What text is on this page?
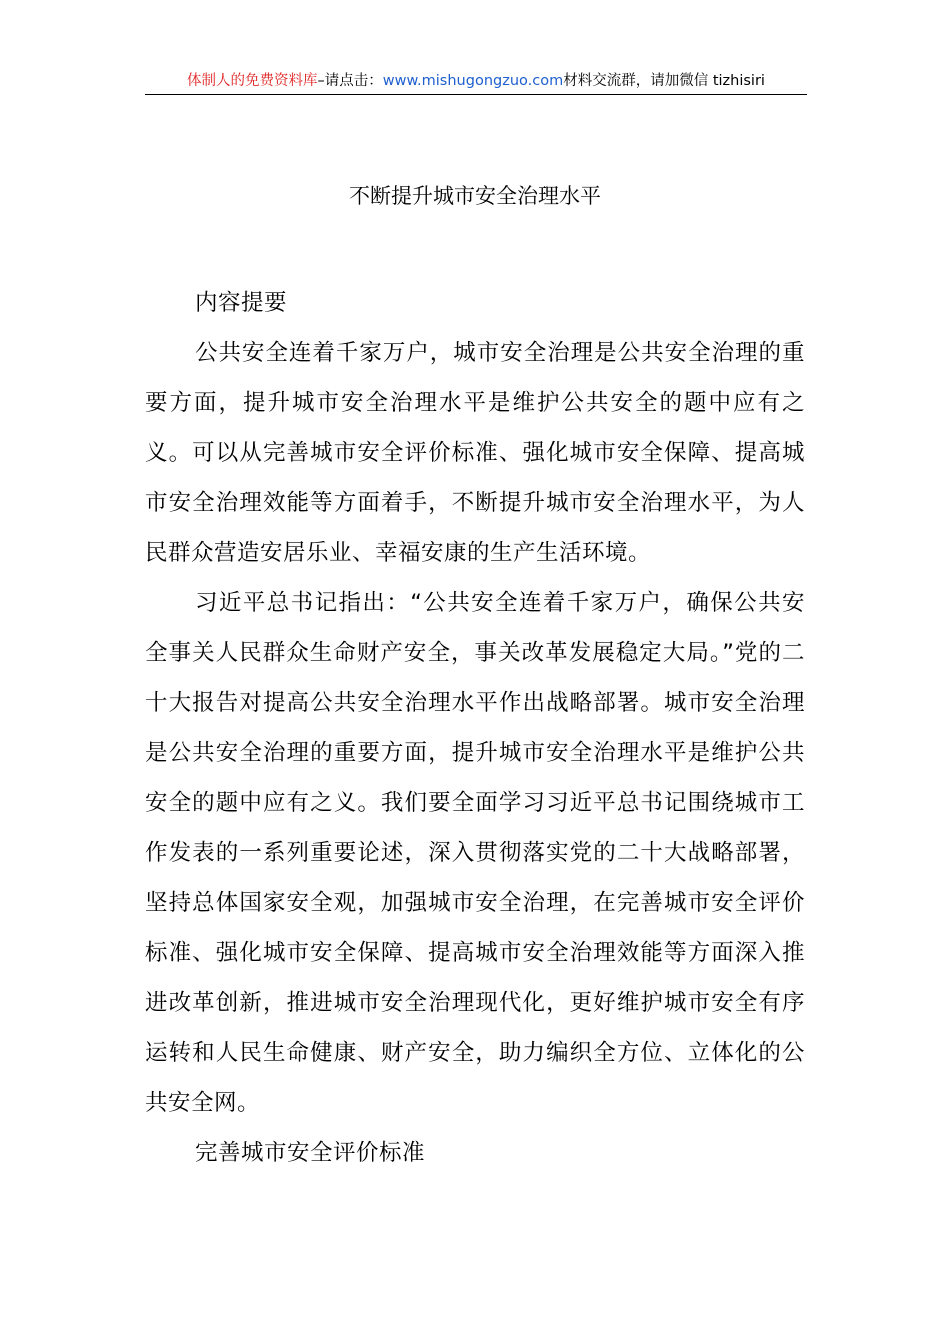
体制人的免费资料库–请点击：www.mishugongzuo.com材料交流群，请加微信 tizhisiri
不断提升城市安全治理水平

内容提要

公共安全连着千家万户，城市安全治理是公共安全治理的重要方面，提升城市安全治理水平是维护公共安全的题中应有之义。可以从完善城市安全评价标准、强化城市安全保障、提高城市安全治理效能等方面着手，不断提升城市安全治理水平，为人民群众营造安居乐业、幸福安康的生产生活环境。

习近平总书记指出：“公共安全连着千家万户，确保公共安全事关人民群众生命财产安全，事关改革发展稳定大局。”党的二十大报告对提高公共安全治理水平作出战略部署。城市安全治理是公共安全治理的重要方面，提升城市安全治理水平是维护公共安全的题中应有之义。我们要全面学习习近平总书记围绕城市工作发表的一系列重要论述，深入贯彻落实党的二十大战略部署，坚持总体国家安全观，加强城市安全治理，在完善城市安全评价标准、强化城市安全保障、提高城市安全治理效能等方面深入推进改革创新，推进城市安全治理现代化，更好维护城市安全有序运转和人民生命健康、财产安全，助力编织全方位、立体化的公共安全网。

完善城市安全评价标准
